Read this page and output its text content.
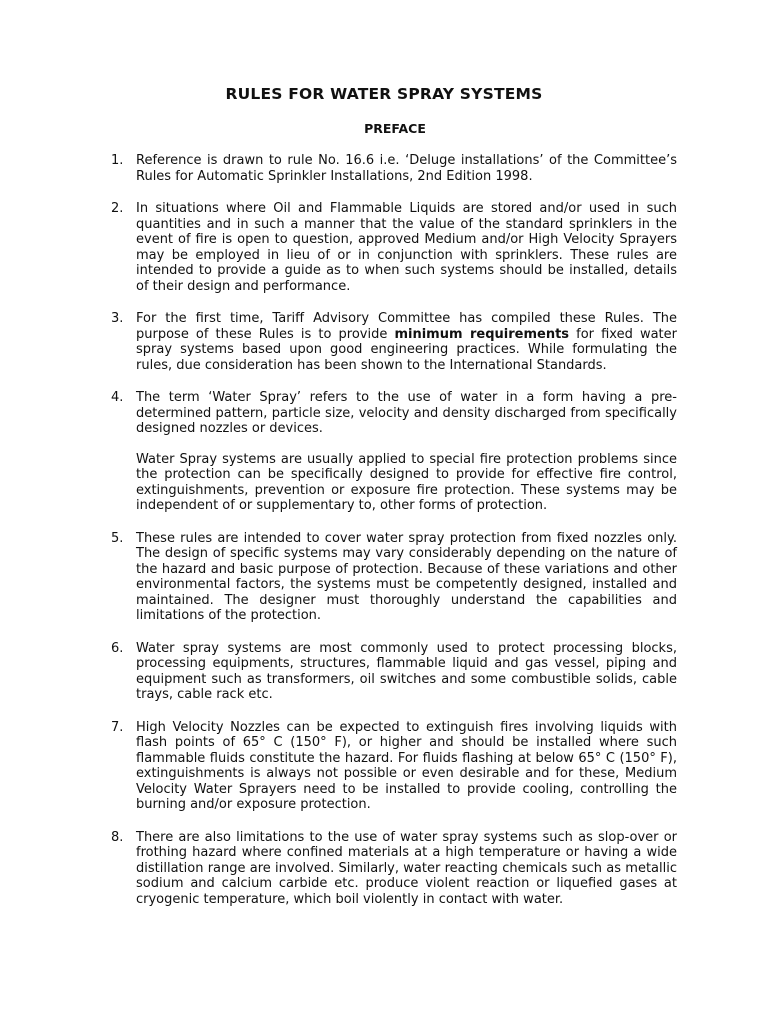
RULES FOR WATER SPRAY SYSTEMS
PREFACE
1. Reference is drawn to rule No. 16.6 i.e. ‘Deluge installations’ of the Committee’s Rules for Automatic Sprinkler Installations, 2nd Edition 1998.

2. In situations where Oil and Flammable Liquids are stored and/or used in such quantities and in such a manner that the value of the standard sprinklers in the event of fire is open to question, approved Medium and/or High Velocity Sprayers may be employed in lieu of or in conjunction with sprinklers. These rules are intended to provide a guide as to when such systems should be installed, details of their design and performance.

3. For the first time, Tariff Advisory Committee has compiled these Rules. The purpose of these Rules is to provide minimum requirements for fixed water spray systems based upon good engineering practices. While formulating the rules, due consideration has been shown to the International Standards.

4. The term ‘Water Spray’ refers to the use of water in a form having a pre-determined pattern, particle size, velocity and density discharged from specifically designed nozzles or devices.

Water Spray systems are usually applied to special fire protection problems since the protection can be specifically designed to provide for effective fire control, extinguishments, prevention or exposure fire protection. These systems may be independent of or supplementary to, other forms of protection.

5. These rules are intended to cover water spray protection from fixed nozzles only. The design of specific systems may vary considerably depending on the nature of the hazard and basic purpose of protection. Because of these variations and other environmental factors, the systems must be competently designed, installed and maintained. The designer must thoroughly understand the capabilities and limitations of the protection.

6. Water spray systems are most commonly used to protect processing blocks, processing equipments, structures, flammable liquid and gas vessel, piping and equipment such as transformers, oil switches and some combustible solids, cable trays, cable rack etc.

7. High Velocity Nozzles can be expected to extinguish fires involving liquids with flash points of 65° C (150° F), or higher and should be installed where such flammable fluids constitute the hazard. For fluids flashing at below 65° C (150° F), extinguishments is always not possible or even desirable and for these, Medium Velocity Water Sprayers need to be installed to provide cooling, controlling the burning and/or exposure protection.

8. There are also limitations to the use of water spray systems such as slop-over or frothing hazard where confined materials at a high temperature or having a wide distillation range are involved. Similarly, water reacting chemicals such as metallic sodium and calcium carbide etc. produce violent reaction or liquefied gases at cryogenic temperature, which boil violently in contact with water.
